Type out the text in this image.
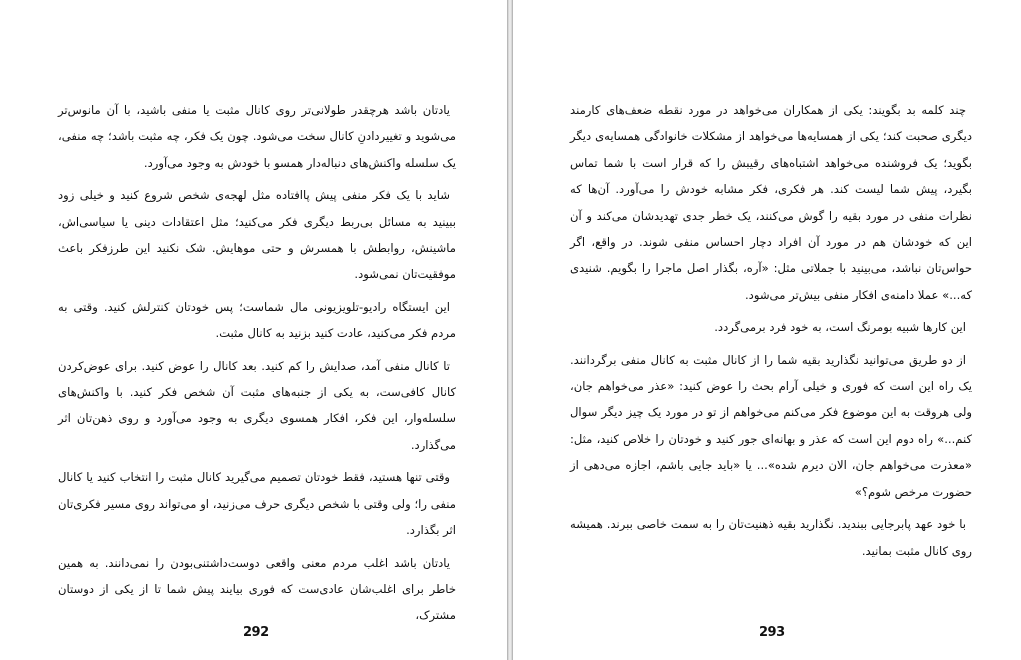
یادتان باشد هرچقدر طولانی‌تر روی کانال مثبت یا منفی باشید، با آن مانوس‌تر می‌شوید و تغییردادنِ کانال سخت می‌شود. چون یک فکر، چه مثبت باشد؛ چه منفی، یک سلسله واکنش‌های دنباله‌دار همسو با خودش به وجود می‌آورد.

شاید با یک فکر منفی پیش پاافتاده مثل لهجه‌ی شخص شروع کنید و خیلی زود ببینید به مسائل بی‌ربط دیگری فکر می‌کنید؛ مثل اعتقادات دینی یا سیاسی‌اش، ماشینش، روابطش با همسرش و حتی موهایش. شک نکنید این طرزفکر باعث موفقیت‌تان نمی‌شود.

این ایستگاه رادیو-تلویزیونی مال شماست؛ پس خودتان کنترلش کنید. وقتی به مردم فکر می‌کنید، عادت کنید بزنید به کانال مثبت.

تا کانال منفی آمد، صدایش را کم کنید. بعد کانال را عوض کنید. برای عوض‌کردن کانال کافی‌ست، به یکی از جنبه‌های مثبت آن شخص فکر کنید. با واکنش‌های سلسله‌وار، این فکر، افکار همسوی دیگری به وجود می‌آورد و روی ذهن‌تان اثر می‌گذارد.

وقتی تنها هستید، فقط خودتان تصمیم می‌گیرید کانال مثبت را انتخاب کنید یا کانال منفی را؛ ولی وقتی با شخص دیگری حرف می‌زنید، او می‌تواند روی مسیر فکری‌تان اثر بگذارد.

یادتان باشد اغلب مردم معنی واقعی دوست‌داشتنی‌بودن را نمی‌دانند. به همین خاطر برای اغلب‌شان عادی‌ست که فوری بیایند پیش شما تا از یکی از دوستان مشترک،

292

چند کلمه بد بگویند: یکی از همکاران می‌خواهد در مورد نقطه ضعف‌های کارمند دیگری صحبت کند؛ یکی از همسایه‌ها می‌خواهد از مشکلات خانوادگی همسایه‌ی دیگر بگوید؛ یک فروشنده می‌خواهد اشتباه‌های رقیبش را که قرار است با شما تماس بگیرد، پیش شما لیست کند. هر فکری، فکر مشابه خودش را می‌آورد. آن‌ها که نظرات منفی در مورد بقیه را گوش می‌کنند، یک خطر جدی تهدیدشان می‌کند و آن این که خودشان هم در مورد آن افراد دچار احساس منفی شوند. در واقع، اگر حواس‌تان نباشد، می‌بینید با جملاتی مثل: «آره، بگذار اصل ماجرا را بگویم. شنیدی که...» عملا دامنه‌ی افکار منفی بیش‌تر می‌شود.

این کارها شبیه بومرنگ است، به خود فرد برمی‌گردد.

از دو طریق می‌توانید نگذارید بقیه شما را از کانال مثبت به کانال منفی برگردانند. یک راه این است که فوری و خیلی آرام بحث را عوض کنید: «عذر می‌خواهم جان، ولی هروقت به این موضوع فکر می‌کنم می‌خواهم از تو در مورد یک چیز دیگر سوال کنم...» راه دوم این است که عذر و بهانه‌ای جور کنید و خودتان را خلاص کنید، مثل: «معذرت می‌خواهم جان، الان دیرم شده»... یا «باید جایی باشم، اجازه می‌دهی از حضورت مرخص شوم؟»

با خود عهد پابرجایی ببندید. نگذارید بقیه ذهنیت‌تان را به سمت خاصی ببرند. همیشه روی کانال مثبت بمانید.

293
